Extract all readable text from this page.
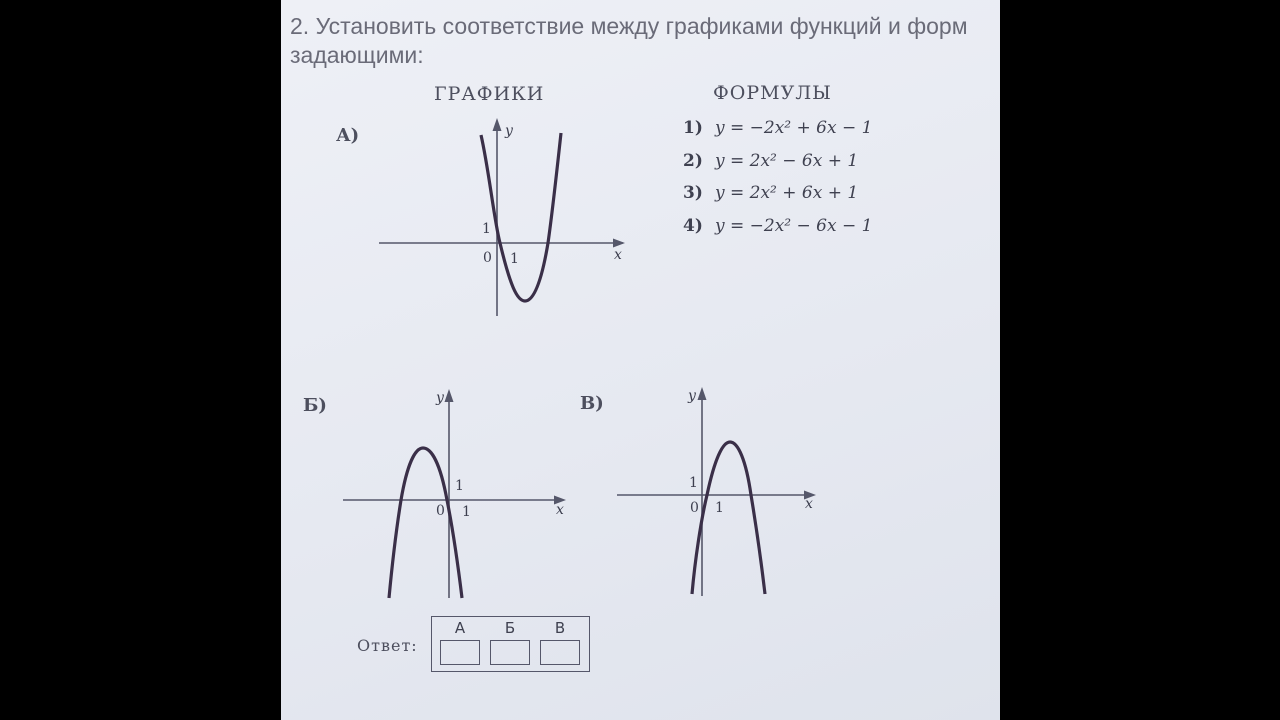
2. Установить соответствие между графиками функций и форм
задающими:

ГРАФИКИ	ФОРМУЛЫ
1) y = −2x² + 6x − 1
2) y = 2x² − 6x + 1
3) y = 2x² + 6x + 1
4) y = −2x² − 6x − 1
А)	y
x
0 1
1
Б)	y
x
0 1
1
В)	y
x
0 1
1
Ответ:
А	Б	В
